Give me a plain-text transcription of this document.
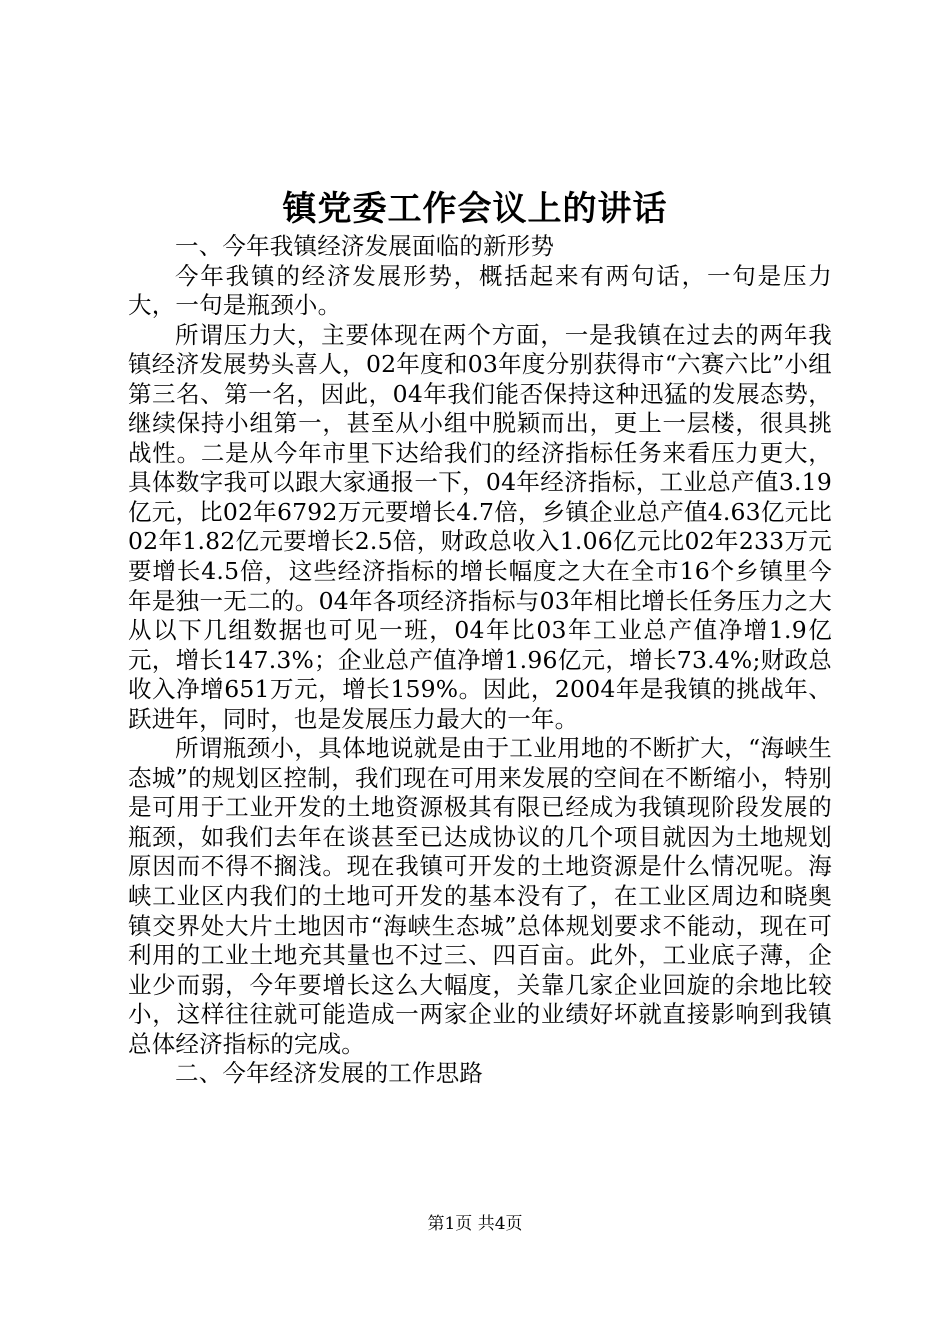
镇党委工作会议上的讲话

一、今年我镇经济发展面临的新形势

今年我镇的经济发展形势，概括起来有两句话，一句是压力大，一句是瓶颈小。

所谓压力大，主要体现在两个方面，一是我镇在过去的两年我镇经济发展势头喜人，02年度和03年度分别获得市“六赛六比”小组第三名、第一名，因此，04年我们能否保持这种迅猛的发展态势，继续保持小组第一，甚至从小组中脱颖而出，更上一层楼，很具挑战性。二是从今年市里下达给我们的经济指标任务来看压力更大，具体数字我可以跟大家通报一下，04年经济指标，工业总产值3.19亿元，比02年6792万元要增长4.7倍，乡镇企业总产值4.63亿元比02年1.82亿元要增长2.5倍，财政总收入1.06亿元比02年233万元要增长4.5倍，这些经济指标的增长幅度之大在全市16个乡镇里今年是独一无二的。04年各项经济指标与03年相比增长任务压力之大从以下几组数据也可见一班，04年比03年工业总产值净增1.9亿元，增长147.3%；企业总产值净增1.96亿元，增长73.4%;财政总收入净增651万元，增长159%。因此，2004年是我镇的挑战年、跃进年，同时，也是发展压力最大的一年。

所谓瓶颈小，具体地说就是由于工业用地的不断扩大，“海峡生态城”的规划区控制，我们现在可用来发展的空间在不断缩小，特别是可用于工业开发的土地资源极其有限已经成为我镇现阶段发展的瓶颈，如我们去年在谈甚至已达成协议的几个项目就因为土地规划原因而不得不搁浅。现在我镇可开发的土地资源是什么情况呢。海峡工业区内我们的土地可开发的基本没有了，在工业区周边和晓奥镇交界处大片土地因市“海峡生态城”总体规划要求不能动，现在可利用的工业土地充其量也不过三、四百亩。此外，工业底子薄，企业少而弱，今年要增长这么大幅度，关靠几家企业回旋的余地比较小，这样往往就可能造成一两家企业的业绩好坏就直接影响到我镇总体经济指标的完成。

二、今年经济发展的工作思路

第1页 共4页
